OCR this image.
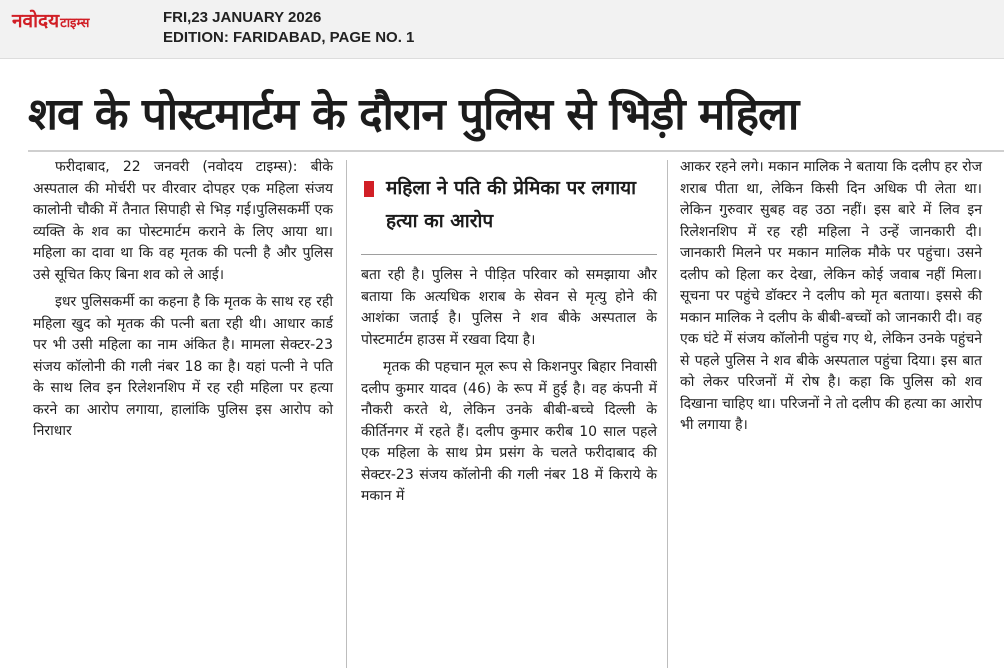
नवोदयटाइम्स	FRI,23 JANUARY 2026
EDITION: FARIDABAD, PAGE NO. 1
शव के पोस्टमार्टम के दौरान पुलिस से भिड़ी महिला

फरीदाबाद, 22 जनवरी (नवोदय टाइम्स): बीके अस्पताल की मोर्चरी पर वीरवार दोपहर एक महिला संजय कालोनी चौकी में तैनात सिपाही से भिड़ गई।पुलिसकर्मी एक व्यक्ति के शव का पोस्टमार्टम कराने के लिए आया था। महिला का दावा था कि वह मृतक की पत्नी है और पुलिस उसे सूचित किए बिना शव को ले आई।

इधर पुलिसकर्मी का कहना है कि मृतक के साथ रह रही महिला खुद को मृतक की पत्नी बता रही थी। आधार कार्ड पर भी उसी महिला का नाम अंकित है। मामला सेक्टर-23 संजय कॉलोनी की गली नंबर 18 का है। यहां पत्नी ने पति के साथ लिव इन रिलेशनशिप में रह रही महिला पर हत्या करने का आरोप लगाया, हालांकि पुलिस इस आरोप को निराधार

महिला ने पति की प्रेमिका पर लगाया हत्या का आरोप

बता रही है। पुलिस ने पीड़ित परिवार को समझाया और बताया कि अत्यधिक शराब के सेवन से मृत्यु होने की आशंका जताई है। पुलिस ने शव बीके अस्पताल के पोस्टमार्टम हाउस में रखवा दिया है।

मृतक की पहचान मूल रूप से किशनपुर बिहार निवासी दलीप कुमार यादव (46) के रूप में हुई है। वह कंपनी में नौकरी करते थे, लेकिन उनके बीबी-बच्चे दिल्ली के कीर्तिनगर में रहते हैं। दलीप कुमार करीब 10 साल पहले एक महिला के साथ प्रेम प्रसंग के चलते फरीदाबाद की सेक्टर-23 संजय कॉलोनी की गली नंबर 18 में किराये के मकान में

आकर रहने लगे। मकान मालिक ने बताया कि दलीप हर रोज शराब पीता था, लेकिन किसी दिन अधिक पी लेता था। लेकिन गुरुवार सुबह वह उठा नहीं। इस बारे में लिव इन रिलेशनशिप में रह रही महिला ने उन्हें जानकारी दी। जानकारी मिलने पर मकान मालिक मौके पर पहुंचा। उसने दलीप को हिला कर देखा, लेकिन कोई जवाब नहीं मिला। सूचना पर पहुंचे डॉक्टर ने दलीप को मृत बताया। इससे की मकान मालिक ने दलीप के बीबी-बच्चों को जानकारी दी। वह एक घंटे में संजय कॉलोनी पहुंच गए थे, लेकिन उनके पहुंचने से पहले पुलिस ने शव बीके अस्पताल पहुंचा दिया। इस बात को लेकर परिजनों में रोष है। कहा कि पुलिस को शव दिखाना चाहिए था। परिजनों ने तो दलीप की हत्या का आरोप भी लगाया है।
